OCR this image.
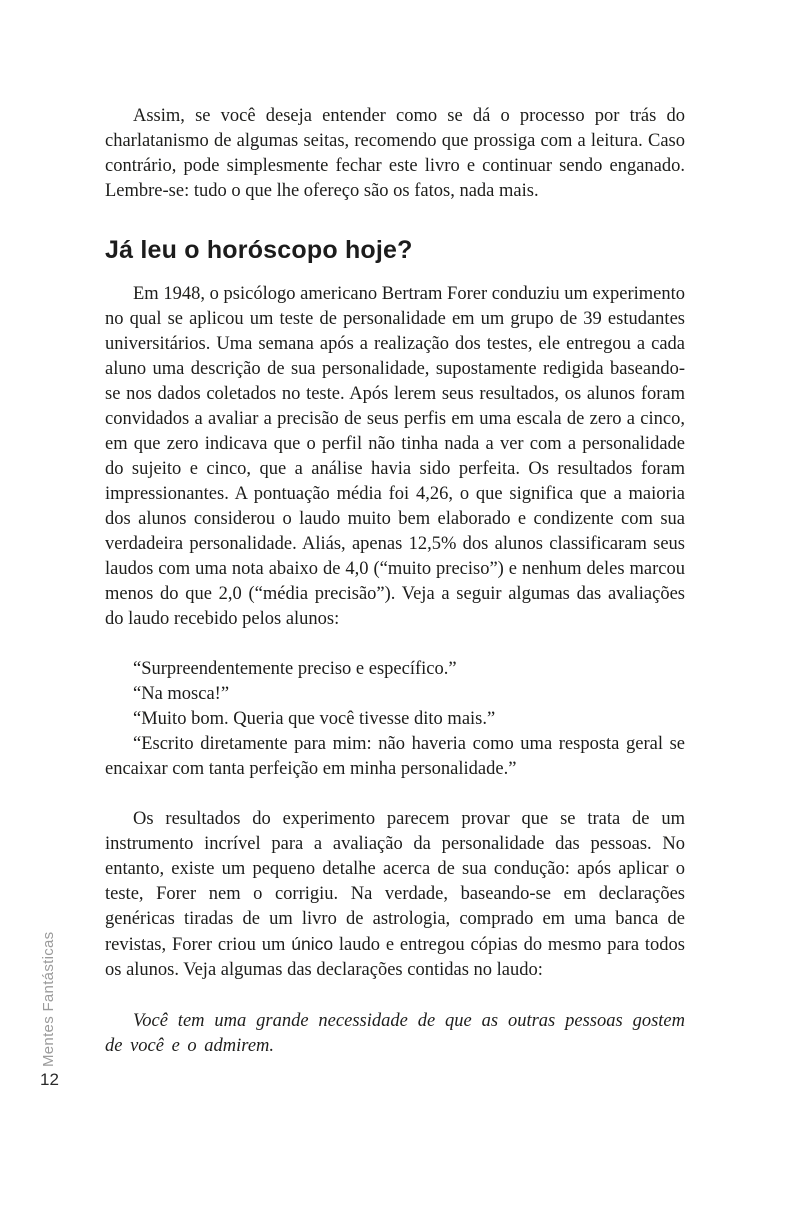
Assim, se você deseja entender como se dá o processo por trás do charlatanismo de algumas seitas, recomendo que prossiga com a leitura. Caso contrário, pode simplesmente fechar este livro e continuar sendo enganado. Lembre-se: tudo o que lhe ofereço são os fatos, nada mais.

Já leu o horóscopo hoje?

Em 1948, o psicólogo americano Bertram Forer conduziu um experimento no qual se aplicou um teste de personalidade em um grupo de 39 estudantes universitários. Uma semana após a realização dos testes, ele entregou a cada aluno uma descrição de sua personalidade, supostamente redigida baseando-se nos dados coletados no teste. Após lerem seus resultados, os alunos foram convidados a avaliar a precisão de seus perfis em uma escala de zero a cinco, em que zero indicava que o perfil não tinha nada a ver com a personalidade do sujeito e cinco, que a análise havia sido perfeita. Os resultados foram impressionantes. A pontuação média foi 4,26, o que significa que a maioria dos alunos considerou o laudo muito bem elaborado e condizente com sua verdadeira personalidade. Aliás, apenas 12,5% dos alunos classificaram seus laudos com uma nota abaixo de 4,0 (“muito preciso”) e nenhum deles marcou menos do que 2,0 (“média precisão”). Veja a seguir algumas das avaliações do laudo recebido pelos alunos:

“Surpreendentemente preciso e específico.”

“Na mosca!”

“Muito bom. Queria que você tivesse dito mais.”

“Escrito diretamente para mim: não haveria como uma resposta geral se encaixar com tanta perfeição em minha personalidade.”

Os resultados do experimento parecem provar que se trata de um instrumento incrível para a avaliação da personalidade das pessoas. No entanto, existe um pequeno detalhe acerca de sua condução: após aplicar o teste, Forer nem o corrigiu. Na verdade, baseando-se em declarações genéricas tiradas de um livro de astrologia, comprado em uma banca de revistas, Forer criou um único laudo e entregou cópias do mesmo para todos os alunos. Veja algumas das declarações contidas no laudo:

Você tem uma grande necessidade de que as outras pessoas gostem de você e o admirem.

Mentes Fantásticas
12
